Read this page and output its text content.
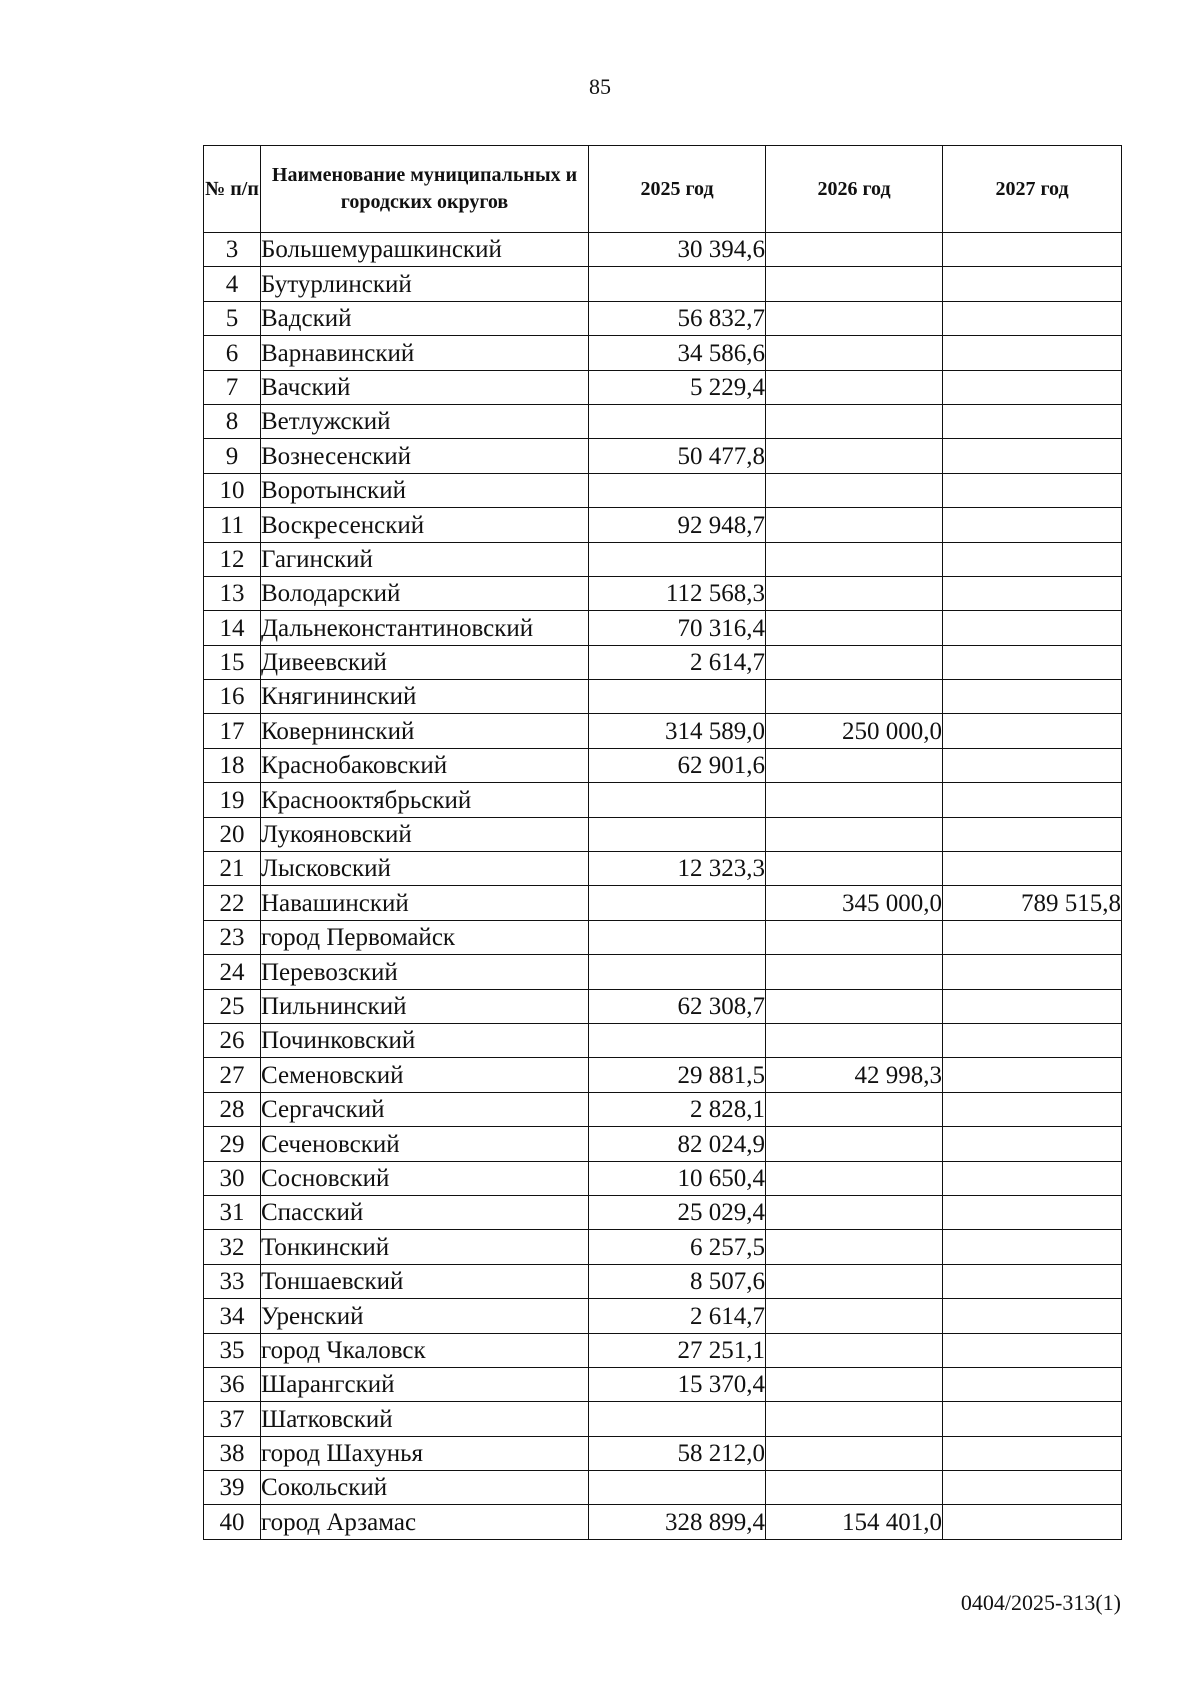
85
№ п/п	Наименование муниципальных и городских округов	2025 год	2026 год	2027 год
3	Большемурашкинский	30 394,6		
4	Бутурлинский			
5	Вадский	56 832,7		
6	Варнавинский	34 586,6		
7	Вачский	5 229,4		
8	Ветлужский			
9	Вознесенский	50 477,8		
10	Воротынский			
11	Воскресенский	92 948,7		
12	Гагинский			
13	Володарский	112 568,3		
14	Дальнеконстантиновский	70 316,4		
15	Дивеевский	2 614,7		
16	Княгининский			
17	Ковернинский	314 589,0	250 000,0	
18	Краснобаковский	62 901,6		
19	Краснооктябрьский			
20	Лукояновский			
21	Лысковский	12 323,3		
22	Навашинский		345 000,0	789 515,8
23	город Первомайск			
24	Перевозский			
25	Пильнинский	62 308,7		
26	Починковский			
27	Семеновский	29 881,5	42 998,3	
28	Сергачский	2 828,1		
29	Сеченовский	82 024,9		
30	Сосновский	10 650,4		
31	Спасский	25 029,4		
32	Тонкинский	6 257,5		
33	Тоншаевский	8 507,6		
34	Уренский	2 614,7		
35	город Чкаловск	27 251,1		
36	Шарангский	15 370,4		
37	Шатковский			
38	город Шахунья	58 212,0		
39	Сокольский			
40	город Арзамас	328 899,4	154 401,0	
0404/2025-313(1)
